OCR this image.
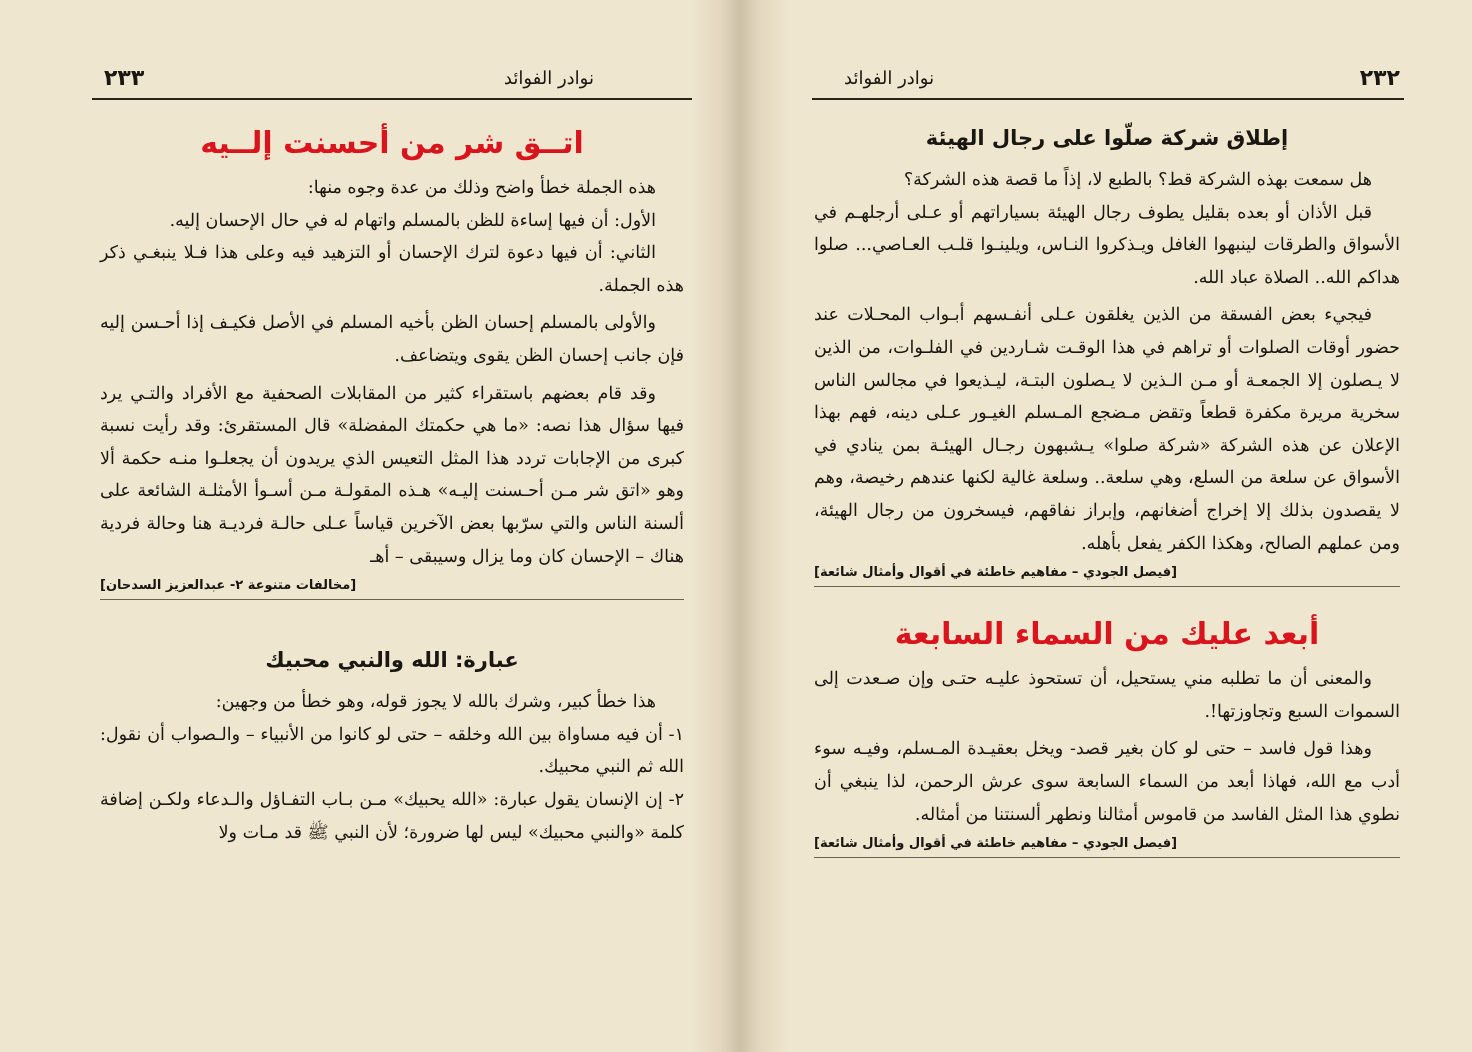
٢٣٣	نوادر الفوائد
اتــق شر من أحسنت إلــيه

هذه الجملة خطأ واضح وذلك من عدة وجوه منها:

الأول: أن فيها إساءة للظن بالمسلم واتهام له في حال الإحسان إليه.

الثاني: أن فيها دعوة لترك الإحسان أو التزهيد فيه وعلى هذا فـلا ينبغـي ذكر هذه الجملة.

والأولى بالمسلم إحسان الظن بأخيه المسلم في الأصل فكيـف إذا أحـسن إليه فإن جانب إحسان الظن يقوى ويتضاعف.

وقد قام بعضهم باستقراء كثير من المقابلات الصحفية مع الأفراد والتـي يرد فيها سؤال هذا نصه: «ما هي حكمتك المفضلة» قال المستقرئ: وقد رأيت نسبة كبرى من الإجابات تردد هذا المثل التعيس الذي يريدون أن يجعلـوا منـه حكمة ألا وهو «اتق شر مـن أحـسنت إليـه» هـذه المقولـة مـن أسـوأ الأمثلـة الشائعة على ألسنة الناس والتي سرّبها بعض الآخرين قياساً عـلى حالـة فرديـة هنا وحالة فردية هناك – الإحسان كان وما يزال وسيبقى – أهـ

[مخالفات متنوعة ٢- عبدالعزيز السدحان]
عبارة: الله والنبي محبيك

هذا خطأ كبير، وشرك بالله لا يجوز قوله، وهو خطأ من وجهين:

١- أن فيه مساواة بين الله وخلقه – حتى لو كانوا من الأنبياء – والـصواب أن نقول: الله ثم النبي محبيك.

٢- إن الإنسان يقول عبارة: «الله يحبيك» مـن بـاب التفـاؤل والـدعاء ولكـن إضافة كلمة «والنبي محبيك» ليس لها ضرورة؛ لأن النبي ﷺ قد مـات ولا

٢٣٢
نوادر الفوائد
إطلاق شركة صلّوا على رجال الهيئة

هل سمعت بهذه الشركة قط؟ بالطبع لا، إذاً ما قصة هذه الشركة؟

قبل الأذان أو بعده بقليل يطوف رجال الهيئة بسياراتهم أو عـلى أرجلهـم في الأسواق والطرقات لينبهوا الغافل ويـذكروا النـاس، ويلينـوا قلـب العـاصي... صلوا هداكم الله.. الصلاة عباد الله.

فيجيء بعض الفسقة من الذين يغلقون عـلى أنفـسهم أبـواب المحـلات عند حضور أوقات الصلوات أو تراهم في هذا الوقـت شـاردين في الفلـوات، من الذين لا يـصلون إلا الجمعـة أو مـن الـذين لا يـصلون البتـة، ليـذيعوا في مجالس الناس سخرية مريرة مكفرة قطعاً وتقض مـضجع المـسلم الغيـور عـلى دينه، فهم بهذا الإعلان عن هذه الشركة «شركة صلوا» يـشبهون رجـال الهيئـة بمن ينادي في الأسواق عن سلعة من السلع، وهي سلعة.. وسلعة غالية لكنها عندهم رخيصة، وهم لا يقصدون بذلك إلا إخراج أضغانهم، وإبراز نفاقهم، فيسخرون من رجال الهيئة، ومن عملهم الصالح، وهكذا الكفر يفعل بأهله.

[فيصل الجودي – مفاهيم خاطئة في أقوال وأمثال شائعة]
أبعد عليك من السماء السابعة

والمعنى أن ما تطلبه مني يستحيل، أن تستحوذ عليـه حتـى وإن صـعدت إلى السموات السبع وتجاوزتها!.

وهذا قول فاسد – حتى لو كان بغير قصد- ويخل بعقيـدة المـسلم، وفيـه سوء أدب مع الله، فهاذا أبعد من السماء السابعة سوى عرش الرحمن، لذا ينبغي أن نطوي هذا المثل الفاسد من قاموس أمثالنا ونطهر ألسنتنا من أمثاله.

[فيصل الجودي – مفاهيم خاطئة في أقوال وأمثال شائعة]
